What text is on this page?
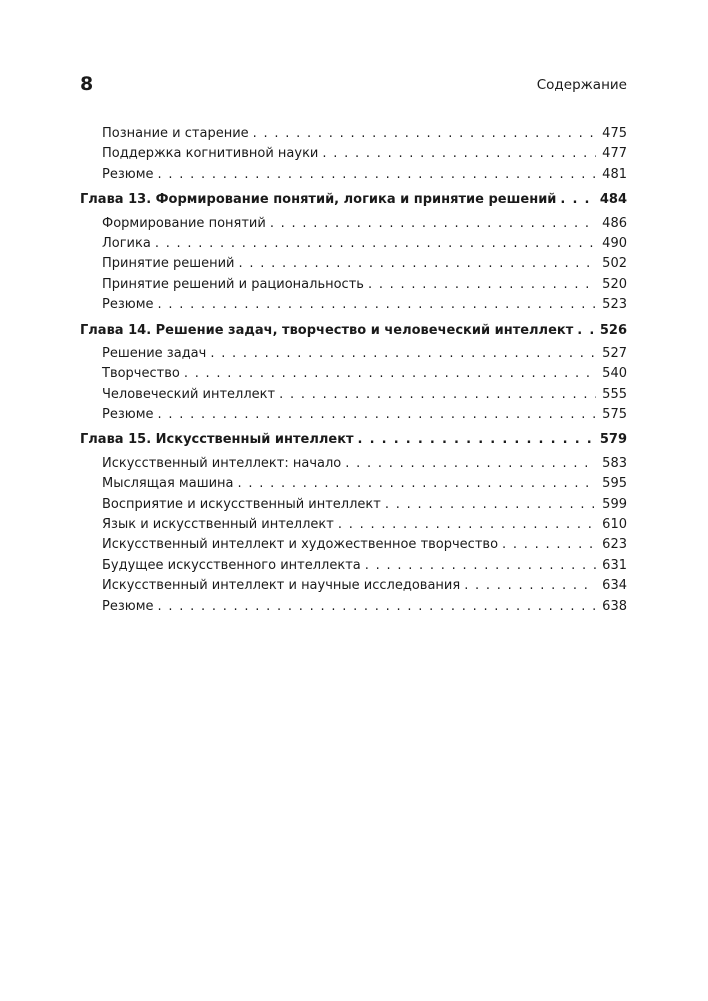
8	Содержание
Познание и старение . . .	475
Поддержка когнитивной науки . . .	477
Резюме . . .	481
Глава 13. Формирование понятий, логика и принятие решений . . .	484
Формирование понятий . . .	486
Логика . . .	490
Принятие решений . . .	502
Принятие решений и рациональность . . .	520
Резюме . . .	523
Глава 14. Решение задач, творчество и человеческий интеллект . . .	526
Решение задач . . .	527
Творчество . . .	540
Человеческий интеллект . . .	555
Резюме . . .	575
Глава 15. Искусственный интеллект . . .	579
Искусственный интеллект: начало . . .	583
Мыслящая машина . . .	595
Восприятие и искусственный интеллект . . .	599
Язык и искусственный интеллект . . .	610
Искусственный интеллект и художественное творчество . . .	623
Будущее искусственного интеллекта . . .	631
Искусственный интеллект и научные исследования . . .	634
Резюме . . .	638
